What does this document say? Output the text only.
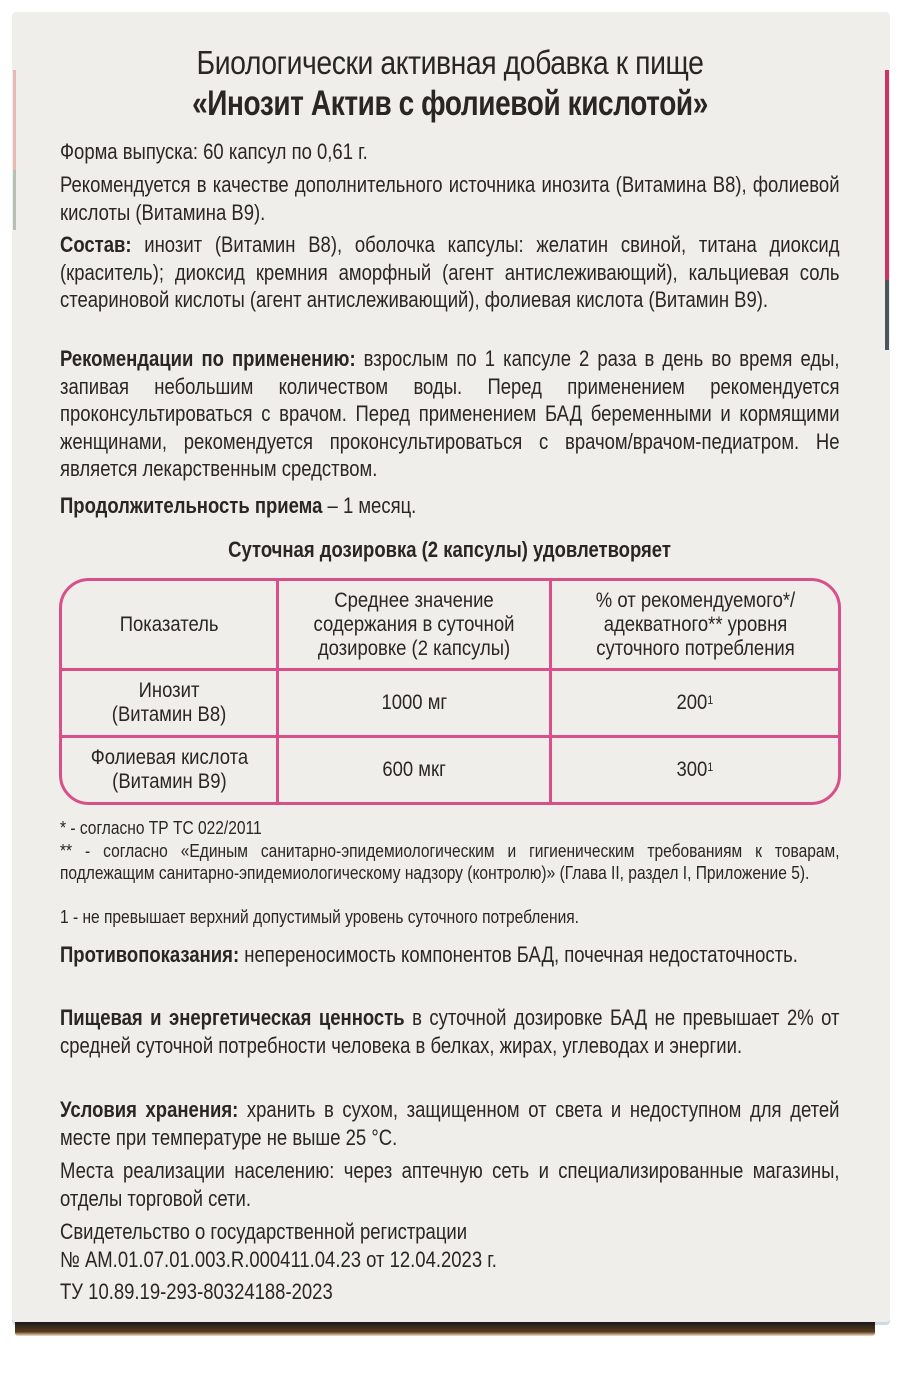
Биологически активная добавка к пище
«Инозит Актив с фолиевой кислотой»
Форма выпуска: 60 капсул по 0,61 г.
Рекомендуется в качестве дополнительного источника инозита (Витамина B8), фолиевой кислоты (Витамина B9).
Состав: инозит (Витамин B8), оболочка капсулы: желатин свиной, титана диоксид (краситель); диоксид кремния аморфный (агент антислеживающий), кальциевая соль стеариновой кислоты (агент антислеживающий), фолиевая кислота (Витамин B9).
Рекомендации по применению: взрослым по 1 капсуле 2 раза в день во время еды, запивая небольшим количеством воды. Перед применением рекомендуется проконсультироваться с врачом. Перед применением БАД беременными и кормящими женщинами, рекомендуется проконсультироваться с врачом/врачом-педиатром. Не является лекарственным средством.
Продолжительность приема – 1 месяц.
Суточная дозировка (2 капсулы) удовлетворяет
Показатель	Среднее значение содержания в суточной дозировке (2 капсулы)	% от рекомендуемого*/ адекватного** уровня суточного потребления
Инозит
(Витамин B8)	1000 мг	$200^1$
Фолиевая кислота
(Витамин B9)	600 мкг	$300^1$
* - согласно ТР ТС 022/2011
** - согласно «Единым санитарно-эпидемиологическим и гигиеническим требованиям к товарам, подлежащим санитарно-эпидемиологическому надзору (контролю)» (Глава II, раздел I, Приложение 5).
1 - не превышает верхний допустимый уровень суточного потребления.
Противопоказания: непереносимость компонентов БАД, почечная недостаточность.
Пищевая и энергетическая ценность в суточной дозировке БАД не превышает 2% от средней суточной потребности человека в белках, жирах, углеводах и энергии.
Условия хранения: хранить в сухом, защищенном от света и недоступном для детей месте при температуре не выше 25 °С.
Места реализации населению: через аптечную сеть и специализированные магазины, отделы торговой сети.
Свидетельство о государственной регистрации
№ AM.01.07.01.003.R.000411.04.23 от 12.04.2023 г.
ТУ 10.89.19-293-80324188-2023
